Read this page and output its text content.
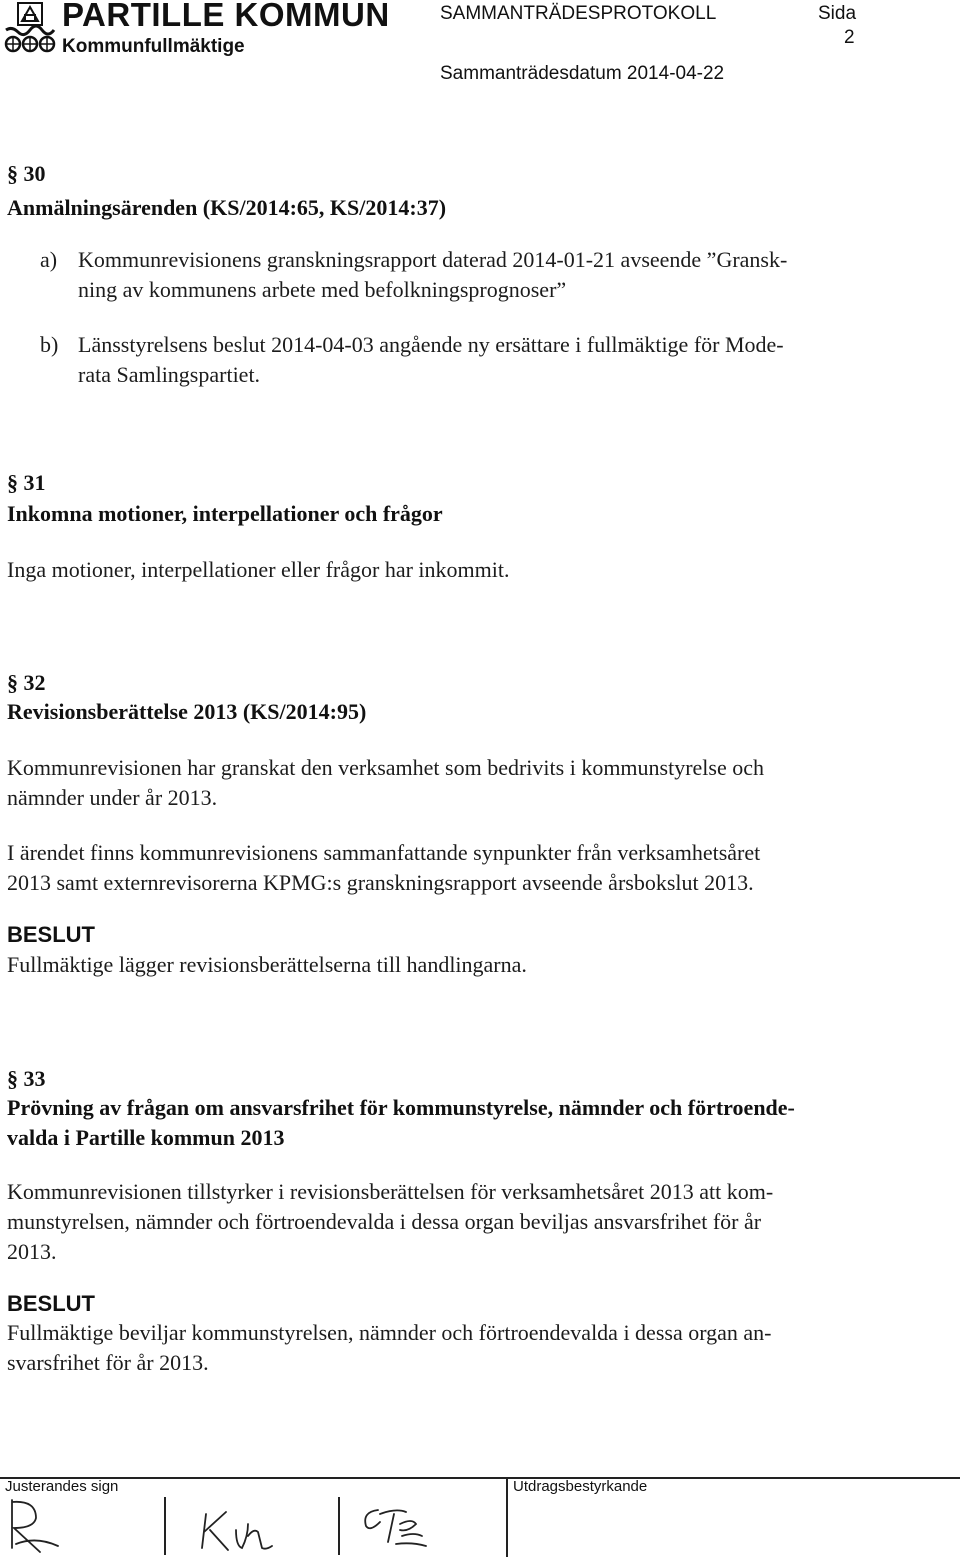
PARTILLE KOMMUN
Kommunfullmäktige
SAMMANTRÄDESPROTOKOLL	Sida
2
Sammanträdesdatum 2014-04-22
§ 30
Anmälningsärenden (KS/2014:65, KS/2014:37)
a) Kommunrevisionens granskningsrapport daterad 2014-01-21 avseende ”Gransk-
ning av kommunens arbete med befolkningsprognoser”
b) Länsstyrelsens beslut 2014-04-03 angående ny ersättare i fullmäktige för Mode-
rata Samlingspartiet.
§ 31
Inkomna motioner, interpellationer och frågor
Inga motioner, interpellationer eller frågor har inkommit.
§ 32
Revisionsberättelse 2013 (KS/2014:95)
Kommunrevisionen har granskat den verksamhet som bedrivits i kommunstyrelse och
nämnder under år 2013.
I ärendet finns kommunrevisionens sammanfattande synpunkter från verksamhetsåret
2013 samt externrevisorerna KPMG:s granskningsrapport avseende årsbokslut 2013.
BESLUT
Fullmäktige lägger revisionsberättelserna till handlingarna.
§ 33
Prövning av frågan om ansvarsfrihet för kommunstyrelse, nämnder och förtroende-
valda i Partille kommun 2013
Kommunrevisionen tillstyrker i revisionsberättelsen för verksamhetsåret 2013 att kom-
munstyrelsen, nämnder och förtroendevalda i dessa organ beviljas ansvarsfrihet för år
2013.
BESLUT
Fullmäktige beviljar kommunstyrelsen, nämnder och förtroendevalda i dessa organ an-
svarsfrihet för år 2013.
Justerandes sign	Utdragsbestyrkande
